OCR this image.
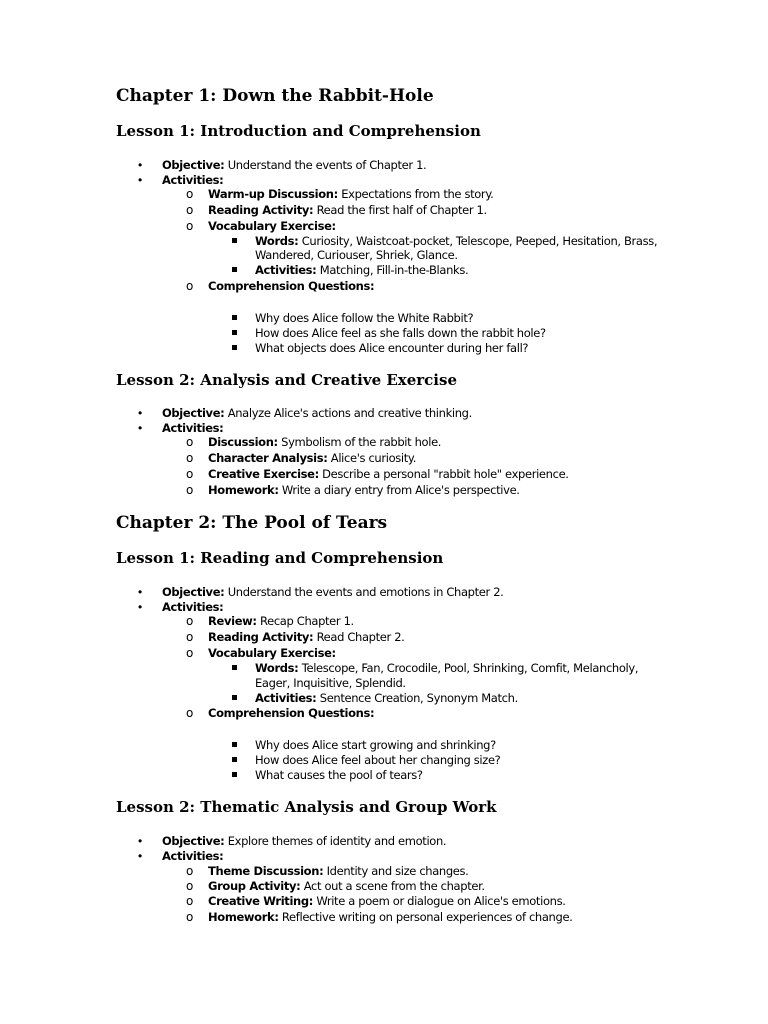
Chapter 1: Down the Rabbit-Hole
Lesson 1: Introduction and Comprehension
• Objective: Understand the events of Chapter 1.
• Activities:
o Warm-up Discussion: Expectations from the story.
o Reading Activity: Read the first half of Chapter 1.
o Vocabulary Exercise:
Words: Curiosity, Waistcoat-pocket, Telescope, Peeped, Hesitation, Brass,
Wandered, Curiouser, Shriek, Glance.
Activities: Matching, Fill-in-the-Blanks.
o Comprehension Questions:
Why does Alice follow the White Rabbit?
How does Alice feel as she falls down the rabbit hole?
What objects does Alice encounter during her fall?
Lesson 2: Analysis and Creative Exercise
• Objective: Analyze Alice's actions and creative thinking.
• Activities:
o Discussion: Symbolism of the rabbit hole.
o Character Analysis: Alice's curiosity.
o Creative Exercise: Describe a personal "rabbit hole" experience.
o Homework: Write a diary entry from Alice's perspective.
Chapter 2: The Pool of Tears
Lesson 1: Reading and Comprehension
• Objective: Understand the events and emotions in Chapter 2.
• Activities:
o Review: Recap Chapter 1.
o Reading Activity: Read Chapter 2.
o Vocabulary Exercise:
Words: Telescope, Fan, Crocodile, Pool, Shrinking, Comfit, Melancholy,
Eager, Inquisitive, Splendid.
Activities: Sentence Creation, Synonym Match.
o Comprehension Questions:
Why does Alice start growing and shrinking?
How does Alice feel about her changing size?
What causes the pool of tears?
Lesson 2: Thematic Analysis and Group Work
• Objective: Explore themes of identity and emotion.
• Activities:
o Theme Discussion: Identity and size changes.
o Group Activity: Act out a scene from the chapter.
o Creative Writing: Write a poem or dialogue on Alice's emotions.
o Homework: Reflective writing on personal experiences of change.
